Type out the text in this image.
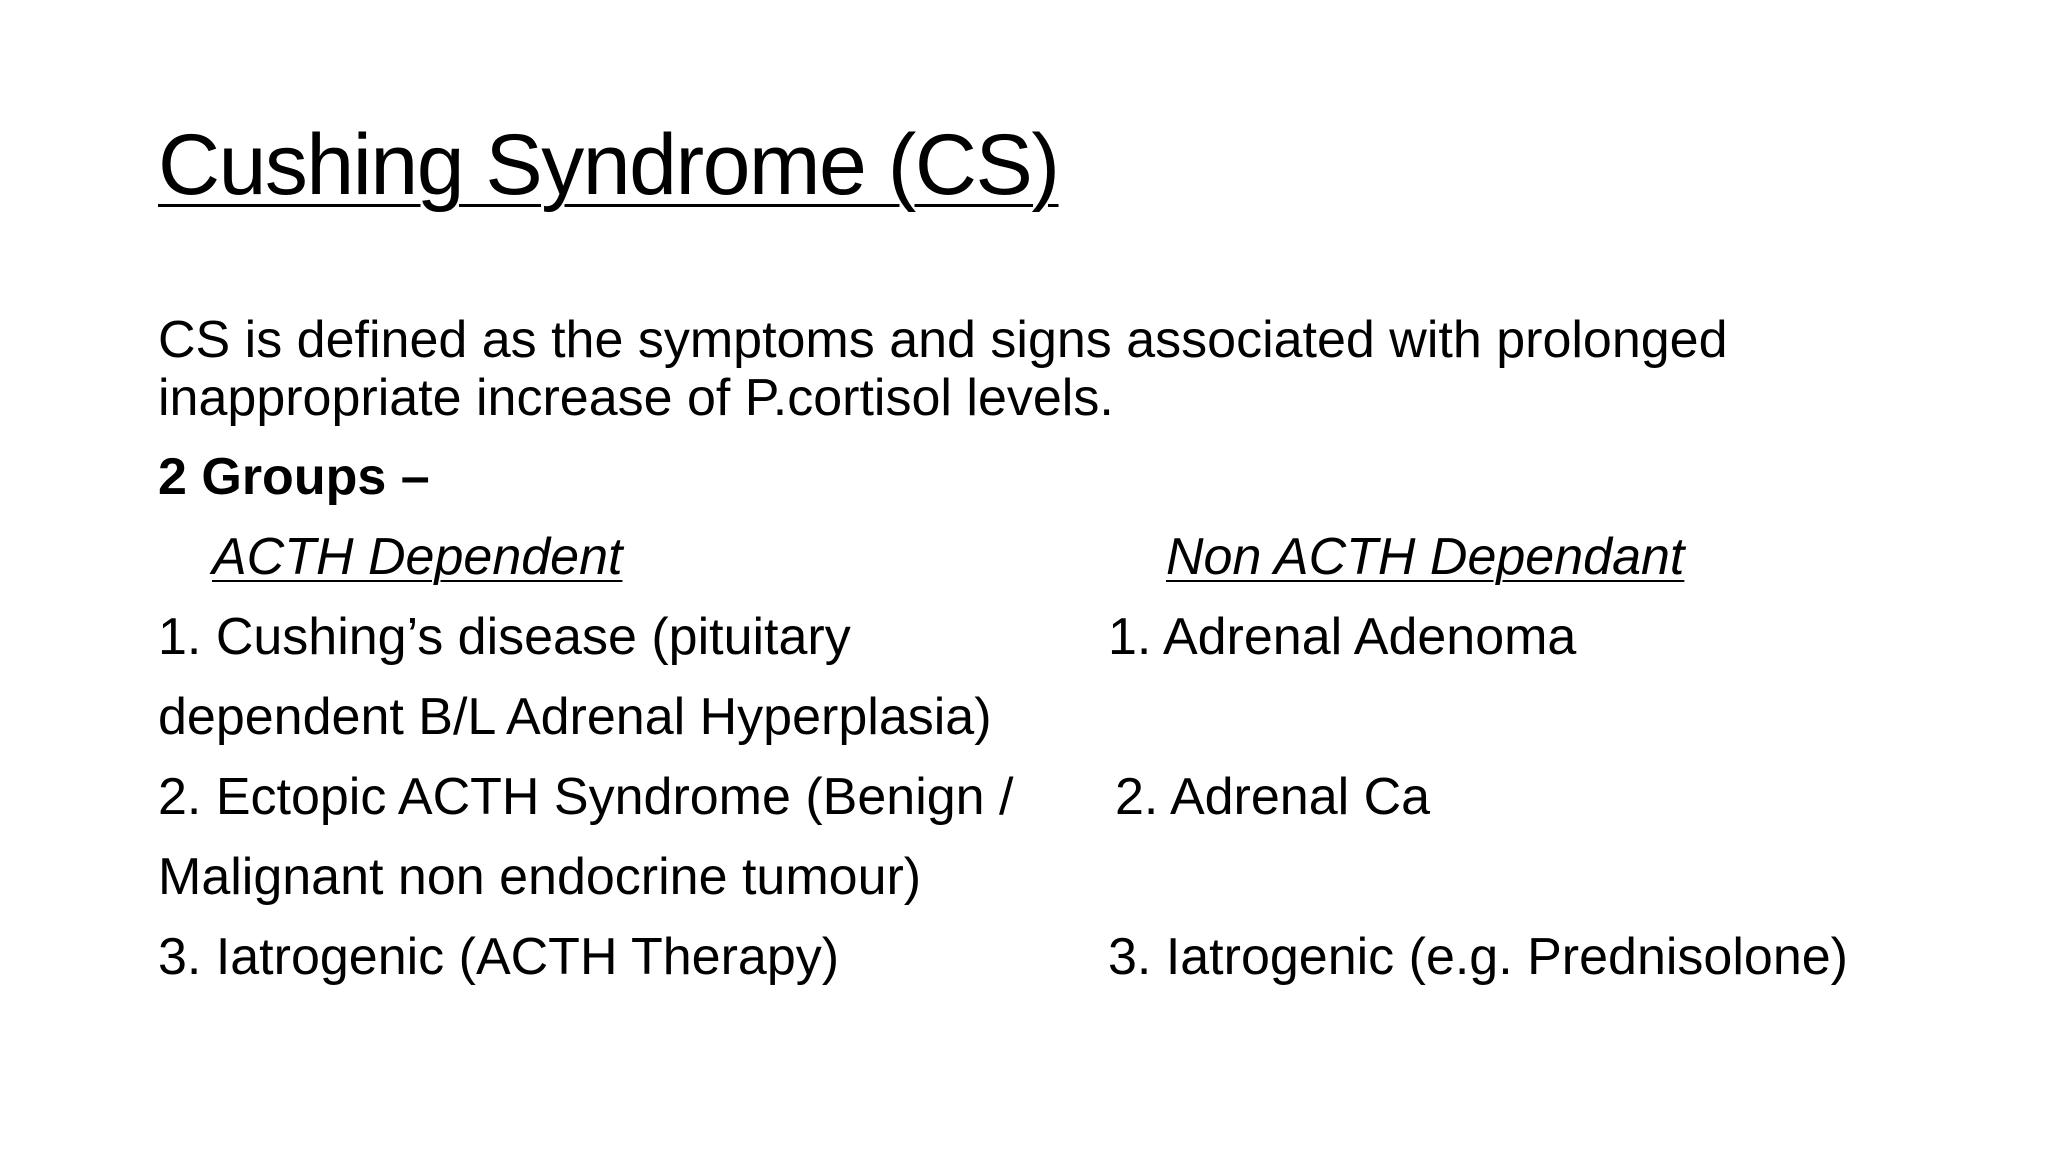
Cushing Syndrome (CS)
CS is defined as the symptoms and signs associated with prolonged
inappropriate increase of P.cortisol levels.
2 Groups –
ACTH Dependent	Non ACTH Dependant
1. Cushing’s disease (pituitary
dependent B/L Adrenal Hyperplasia)
2. Ectopic ACTH Syndrome (Benign /
Malignant non endocrine tumour)
3. Iatrogenic (ACTH Therapy)
1. Adrenal Adenoma
2. Adrenal Ca
3. Iatrogenic (e.g. Prednisolone)
